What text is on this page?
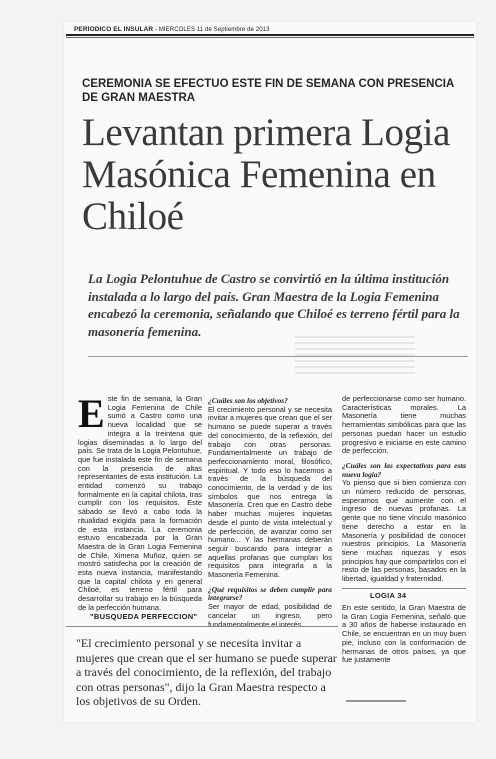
PERIODICO EL INSULAR - MIERCOLES 11 de Septiembre de 2013
CEREMONIA SE EFECTUO ESTE FIN DE SEMANA CON PRESENCIA DE GRAN MAESTRA
Levantan primera Logia Masónica Femenina en Chiloé
La Logia Pelontuhue de Castro se convirtió en la última institución instalada a lo largo del país. Gran Maestra de la Logia Femenina encabezó la ceremonia, señalando que Chiloé es terreno fértil para la masonería femenina.
Este fin de semana, la Gran Logia Femenina de Chile sumó a Castro como una nueva localidad que se integra a la treintena que logias diseminadas a lo largo del país. Se trata de la Logia Pelontuhue, que fue instalada este fin de semana con la presencia de altas representantes de esta institución. La entidad comenzó su trabajo formalmente en la capital chilota, tras cumplir con los requisitos. Este sábado se llevó a cabo toda la ritualidad exigida para la formación de esta instancia. La ceremonia estuvo encabezada por la Gran Maestra de la Gran Logia Femenina de Chile, Ximena Muñoz, quien se mostró satisfecha por la creación de esta nueva instancia, manifestando que la capital chilota y en general Chiloé, es terreno fértil para desarrollar su trabajo en la búsqueda de la perfección humana.
"BUSQUEDA PERFECCION"
¿Cuáles son los objetivos?
El crecimiento personal y se necesita invitar a mujeres que crean que el ser humano se puede superar a través del conocimiento, de la reflexión, del trabajo con otras personas. Fundamentalmente un trabajo de perfeccionamiento moral, filosófico, espiritual. Y todo eso lo hacemos a través de la búsqueda del conocimiento, de la verdad y de los símbolos que nos entrega la Masonería. Creo que en Castro debe haber muchas mujeres inquietas desde el punto de vista intelectual y de perfección, de avanzar como ser humano... Y las hermanas deberán seguir buscando para integrar a aquellas profanas que cumplan los requisitos para integrarla a la Masonería Femenina.
¿Qué requisitos se deben cumplir para integrarse?
Ser mayor de edad, posibilidad de cancelar un ingreso, pero fundamentalmente el interés
de perfeccionarse como ser humano. Características morales. La Masonería tiene muchas herramientas simbólicas para que las personas puedan hacer un estudio progresivo e iniciarse en este camino de perfección.
¿Cuáles son las expectativas para esta nueva logia?
Yo pienso que si bien comienza con un número reducido de personas, esperamos que aumente con el ingreso de nuevas profanas. La gente que no tiene vínculo masónico tiene derecho a estar en la Masonería y posibilidad de conocer nuestros principios. La Masonería tiene muchas riquezas y esos principios hay que compartirlos con el resto de las personas, basados en la libertad, igualdad y fraternidad.
LOGIA 34
En este sentido, la Gran Maestra de la Gran Logia Femenina, señaló que a 30 años de haberse instaurado en Chile, se encuentran en un muy buen pie, incluso con la conformación de hermanas de otros países, ya que fue justamente
"El crecimiento personal y se necesita invitar a mujeres que crean que el ser humano se puede superar a través del conocimiento, de la reflexión, del trabajo con otras personas", dijo la Gran Maestra respecto a los objetivos de su Orden.
